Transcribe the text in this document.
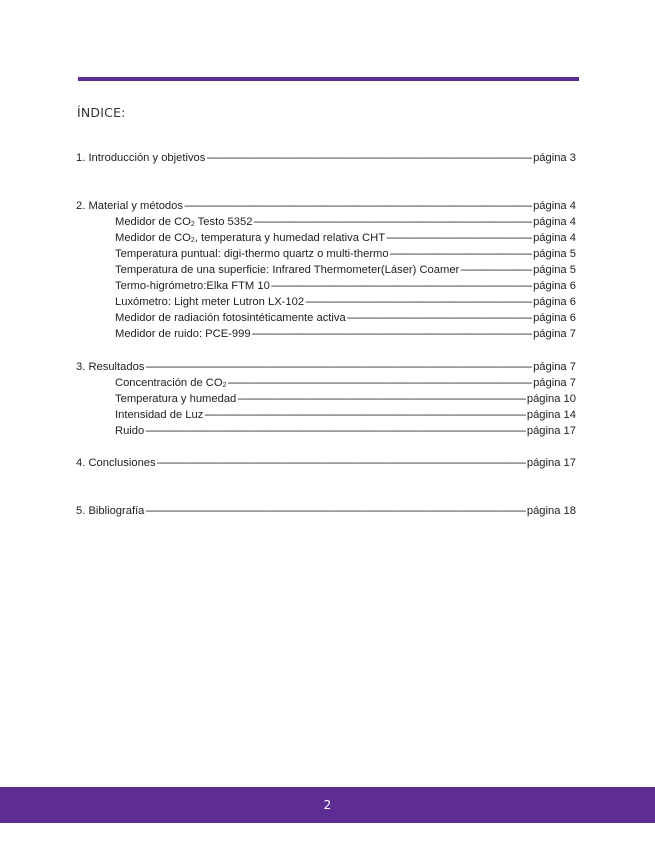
ÍNDICE:
1. Introducción y objetivos -----	página 3
2. Material y métodos -----	página 4
Medidor de $CO_2$ Testo 5352 -----	página 4
Medidor de $CO_2$, temperatura y humedad relativa CHT -----	página 4
Temperatura puntual: digi-thermo quartz o multi-thermo -----	página 5
Temperatura de una superficie: Infrared Thermometer(Láser) Coamer -----	página 5
Termo-higrómetro:Elka FTM 10 -----	página 6
Luxómetro: Light meter Lutron LX-102 -----	página 6
Medidor de radiación fotosintéticamente activa -----	página 6
Medidor de ruido: PCE-999 -----	página 7
3. Resultados -----	página 7
Concentración de $CO_2$ -----	página 7
Temperatura y humedad -----	página 10
Intensidad de Luz -----	página 14
Ruido -----	página 17
4. Conclusiones -----	página 17
5. Bibliografía -----	página 18
2
